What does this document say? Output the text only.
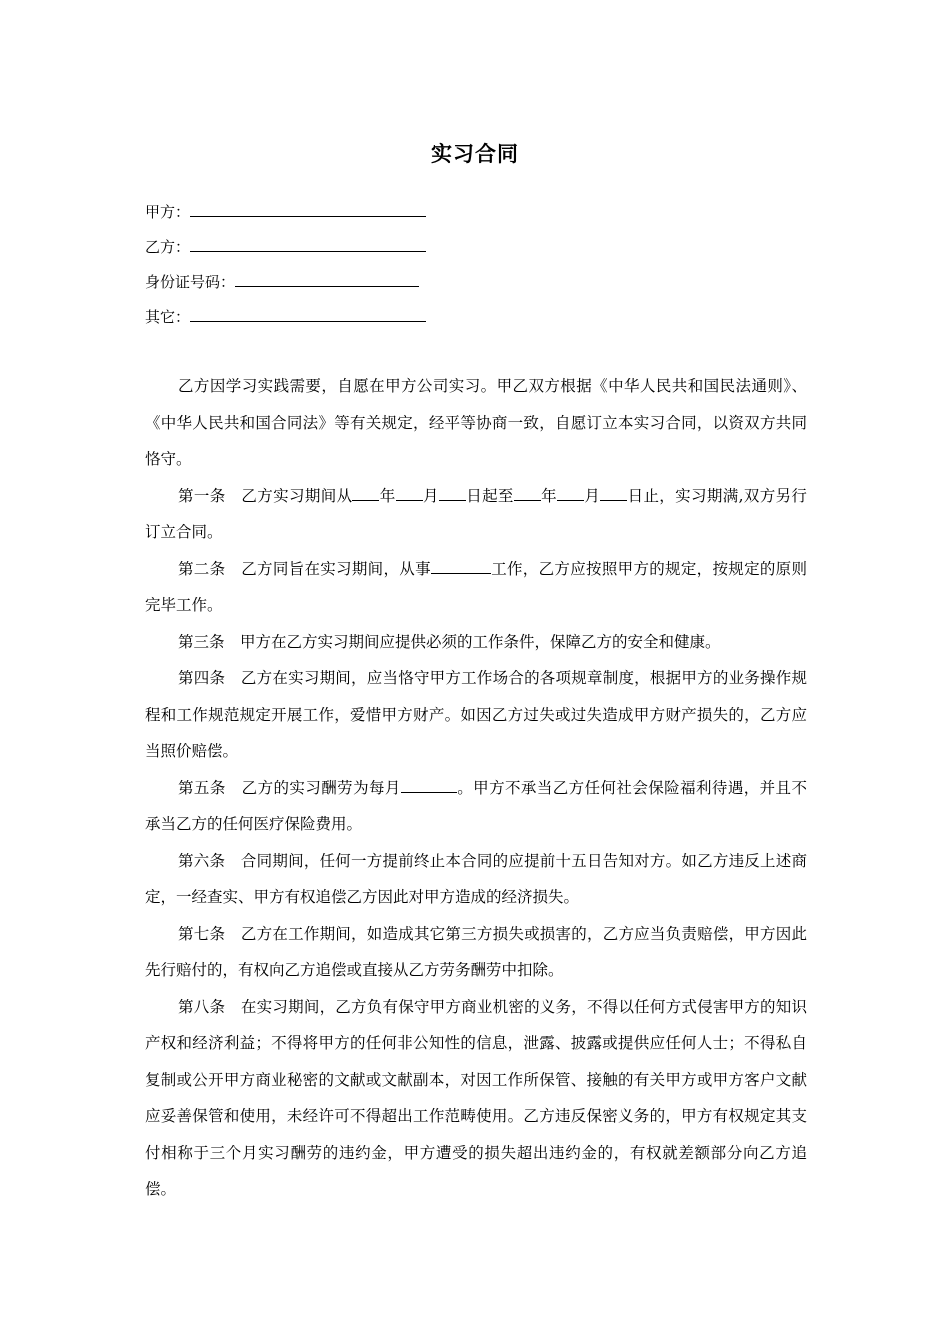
实习合同
甲方：
乙方：
身份证号码：
其它：

乙方因学习实践需要，自愿在甲方公司实习。甲乙双方根据《中华人民共和国民法通则》、《中华人民共和国合同法》等有关规定，经平等协商一致，自愿订立本实习合同，以资双方共同恪守。

第一条　乙方实习期间从 年 月 日起至 年 月 日止，实习期满,双方另行订立合同。

第二条　乙方同旨在实习期间，从事	工作，乙方应按照甲方的规定，按规定的原则完毕工作。

第三条　甲方在乙方实习期间应提供必须的工作条件，保障乙方的安全和健康。

第四条　乙方在实习期间，应当恪守甲方工作场合的各项规章制度，根据甲方的业务操作规程和工作规范规定开展工作，爱惜甲方财产。如因乙方过失或过失造成甲方财产损失的，乙方应当照价赔偿。

第五条　乙方的实习酬劳为每月	。甲方不承当乙方任何社会保险福利待遇，并且不承当乙方的任何医疗保险费用。

第六条　合同期间，任何一方提前终止本合同的应提前十五日告知对方。如乙方违反上述商定，一经查实、甲方有权追偿乙方因此对甲方造成的经济损失。

第七条　乙方在工作期间，如造成其它第三方损失或损害的，乙方应当负责赔偿，甲方因此先行赔付的，有权向乙方追偿或直接从乙方劳务酬劳中扣除。

第八条　在实习期间，乙方负有保守甲方商业机密的义务，不得以任何方式侵害甲方的知识产权和经济利益；不得将甲方的任何非公知性的信息，泄露、披露或提供应任何人士；不得私自复制或公开甲方商业秘密的文献或文献副本，对因工作所保管、接触的有关甲方或甲方客户文献应妥善保管和使用，未经许可不得超出工作范畴使用。乙方违反保密义务的，甲方有权规定其支付相称于三个月实习酬劳的违约金，甲方遭受的损失超出违约金的，有权就差额部分向乙方追偿。
